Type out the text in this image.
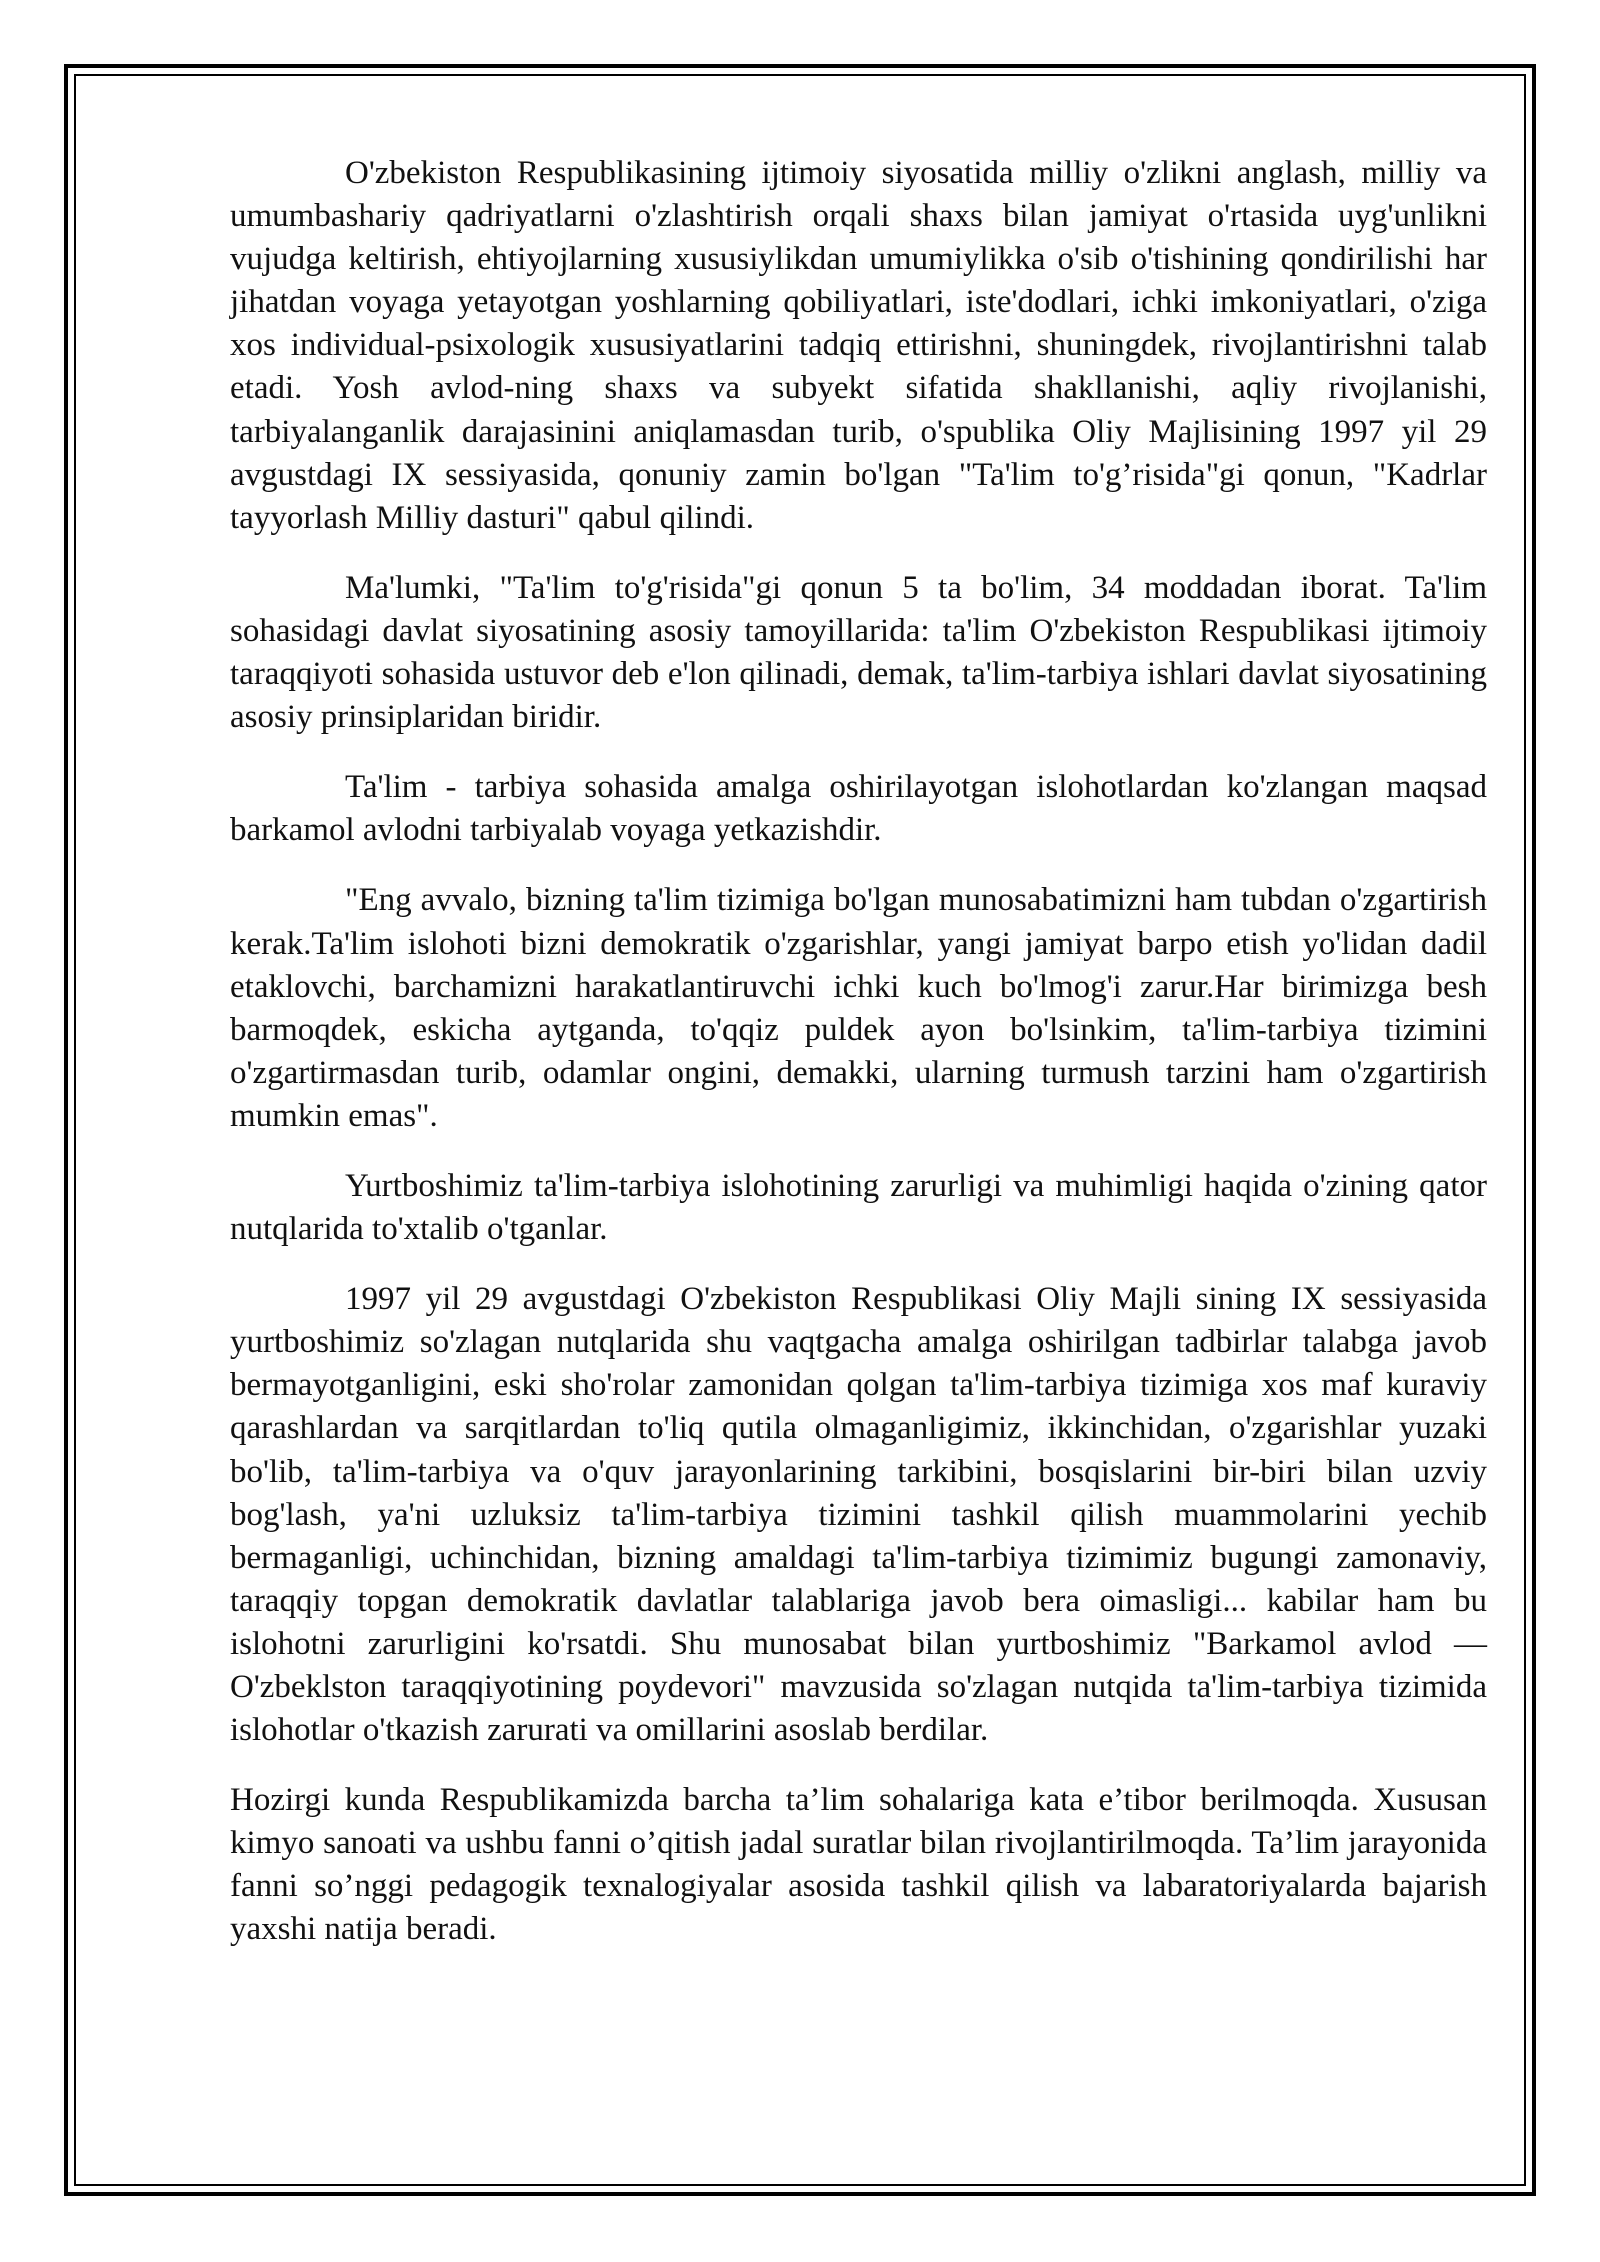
O'zbekiston Respublikasining ijtimoiy siyosatida milliy o'zlikni anglash, milliy va umumbashariy qadriyatlarni o'zlashtirish orqali shaxs bilan jamiyat o'rtasida uyg'unlikni vujudga keltirish, ehtiyojlarning xususiylikdan umumiylikka o'sib o'tishining qondirilishi har jihatdan voyaga yetayotgan yoshlarning qobiliyatlari, iste'dodlari, ichki imkoniyatlari, o'ziga xos individual-psixologik xususiyatlarini tadqiq ettirishni, shuningdek, rivojlantirishni talab etadi. Yosh avlod-ning shaxs va subyekt sifatida shakllanishi, aqliy rivojlanishi, tarbiyalanganlik darajasinini aniqlamasdan turib, o'spublika Oliy Majlisining 1997 yil 29 avgustdagi IX sessiyasida, qonuniy zamin bo'lgan "Ta'lim to'g’risida"gi qonun, "Kadrlar tayyorlash Milliy dasturi" qabul qilindi.

Ma'lumki, "Ta'lim to'g'risida"gi qonun 5 ta bo'lim, 34 moddadan iborat. Ta'lim sohasidagi davlat siyosatining asosiy tamoyillarida: ta'lim O'zbekiston Respublikasi ijtimoiy taraqqiyoti sohasida ustuvor deb e'lon qilinadi, demak, ta'lim-tarbiya ishlari davlat siyosatining asosiy prinsiplaridan biridir.

Ta'lim - tarbiya sohasida amalga oshirilayotgan islohotlardan ko'zlangan maqsad barkamol avlodni tarbiyalab voyaga yetkazishdir.

"Eng avvalo, bizning ta'lim tizimiga bo'lgan munosabatimizni ham tubdan o'zgartirish kerak.Ta'lim islohoti bizni demokratik o'zgarishlar, yangi jamiyat barpo etish yo'lidan dadil etaklovchi, barchamizni harakatlantiruvchi ichki kuch bo'lmog'i zarur.Har birimizga besh barmoqdek, eskicha aytganda, to'qqiz puldek ayon bo'lsinkim, ta'lim-tarbiya tizimini o'zgartirmasdan turib, odamlar ongini, demakki, ularning turmush tarzini ham o'zgartirish mumkin emas".

Yurtboshimiz ta'lim-tarbiya islohotining zarurligi va muhimligi haqida o'zining qator nutqlarida to'xtalib o'tganlar.

1997 yil 29 avgustdagi O'zbekiston Respublikasi Oliy Majli sining IX sessiyasida yurtboshimiz so'zlagan nutqlarida shu vaqtgacha amalga oshirilgan tadbirlar talabga javob bermayotganligini, eski sho'rolar zamonidan qolgan ta'lim-tarbiya tizimiga xos maf kuraviy qarashlardan va sarqitlardan to'liq qutila olmaganligimiz, ikkinchidan, o'zgarishlar yuzaki bo'lib, ta'lim-tarbiya va o'quv jarayonlarining tarkibini, bosqislarini bir-biri bilan uzviy bog'lash, ya'ni uzluksiz ta'lim-tarbiya tizimini tashkil qilish muammolarini yechib bermaganligi, uchinchidan, bizning amaldagi ta'lim-tarbiya tizimimiz bugungi zamonaviy, taraqqiy topgan demokratik davlatlar talablariga javob bera oimasligi... kabilar ham bu islohotni zarurligini ko'rsatdi. Shu munosabat bilan yurtboshimiz "Barkamol avlod — O'zbeklston taraqqiyotining poydevori" mavzusida so'zlagan nutqida ta'lim-tarbiya tizimida islohotlar o'tkazish zarurati va omillarini asoslab berdilar.

Hozirgi kunda Respublikamizda barcha ta’lim sohalariga kata e’tibor berilmoqda. Xususan kimyo sanoati va ushbu fanni o’qitish jadal suratlar bilan rivojlantirilmoqda. Ta’lim jarayonida fanni so’nggi pedagogik texnalogiyalar asosida tashkil qilish va labaratoriyalarda bajarish yaxshi natija beradi.
